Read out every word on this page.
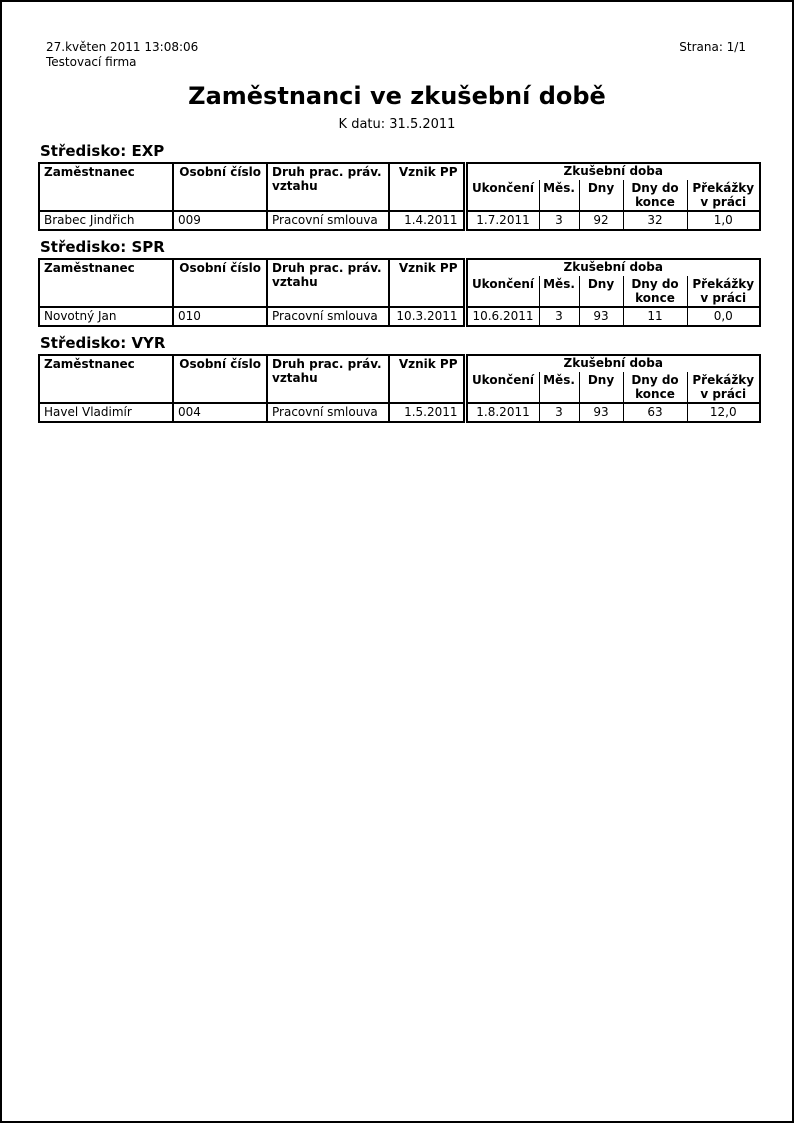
27.květen 2011 13:08:06
Testovací firma
Strana: 1/1
Zaměstnanci ve zkušební době
K datu: 31.5.2011
Středisko: EXP
Zaměstnanec	Osobní číslo	Druh prac. práv. vztahu	Vznik PP	Zkušební doba				
				Ukončení	Měs.	Dny	Dny do konce	Překážky v práci
Brabec Jindřich	009	Pracovní smlouva	1.4.2011	1.7.2011	3	92	32	1,0
Středisko: SPR
Zaměstnanec	Osobní číslo	Druh prac. práv. vztahu	Vznik PP	Zkušební doba				
				Ukončení	Měs.	Dny	Dny do konce	Překážky v práci
Novotný Jan	010	Pracovní smlouva	10.3.2011	10.6.2011	3	93	11	0,0
Středisko: VYR
Zaměstnanec	Osobní číslo	Druh prac. práv. vztahu	Vznik PP	Zkušební doba				
				Ukončení	Měs.	Dny	Dny do konce	Překážky v práci
Havel Vladimír	004	Pracovní smlouva	1.5.2011	1.8.2011	3	93	63	12,0
